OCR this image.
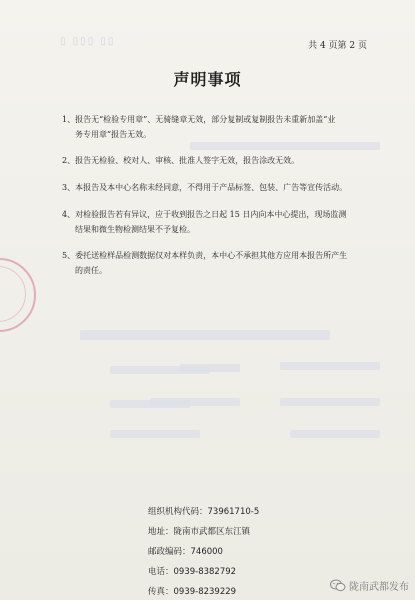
▯ ▯▯▯ ▯▯	共 4 页第 2 页
声明事项
1、报告无“检验专用章”、无骑缝章无效，部分复制或复制报告未重新加盖“业
务专用章”报告无效。
2、报告无检验、校对人、审核、批准人签字无效，报告涂改无效。
3、本报告及本中心名称未经同意，不得用于产品标签、包装、广告等宣传活动。
4、对检验报告若有异议，应于收到报告之日起 15 日内向本中心提出，现场监测
结果和微生物检测结果不予复检。
5、委托送检样品检测数据仅对本样负责，本中心不承担其他方应用本报告所产生
的责任。
组织机构代码：73961710-5
地址：陇南市武都区东江镇
邮政编码：746000
电话：0939-8382792
传真：0939-8239229	陇南武都发布
